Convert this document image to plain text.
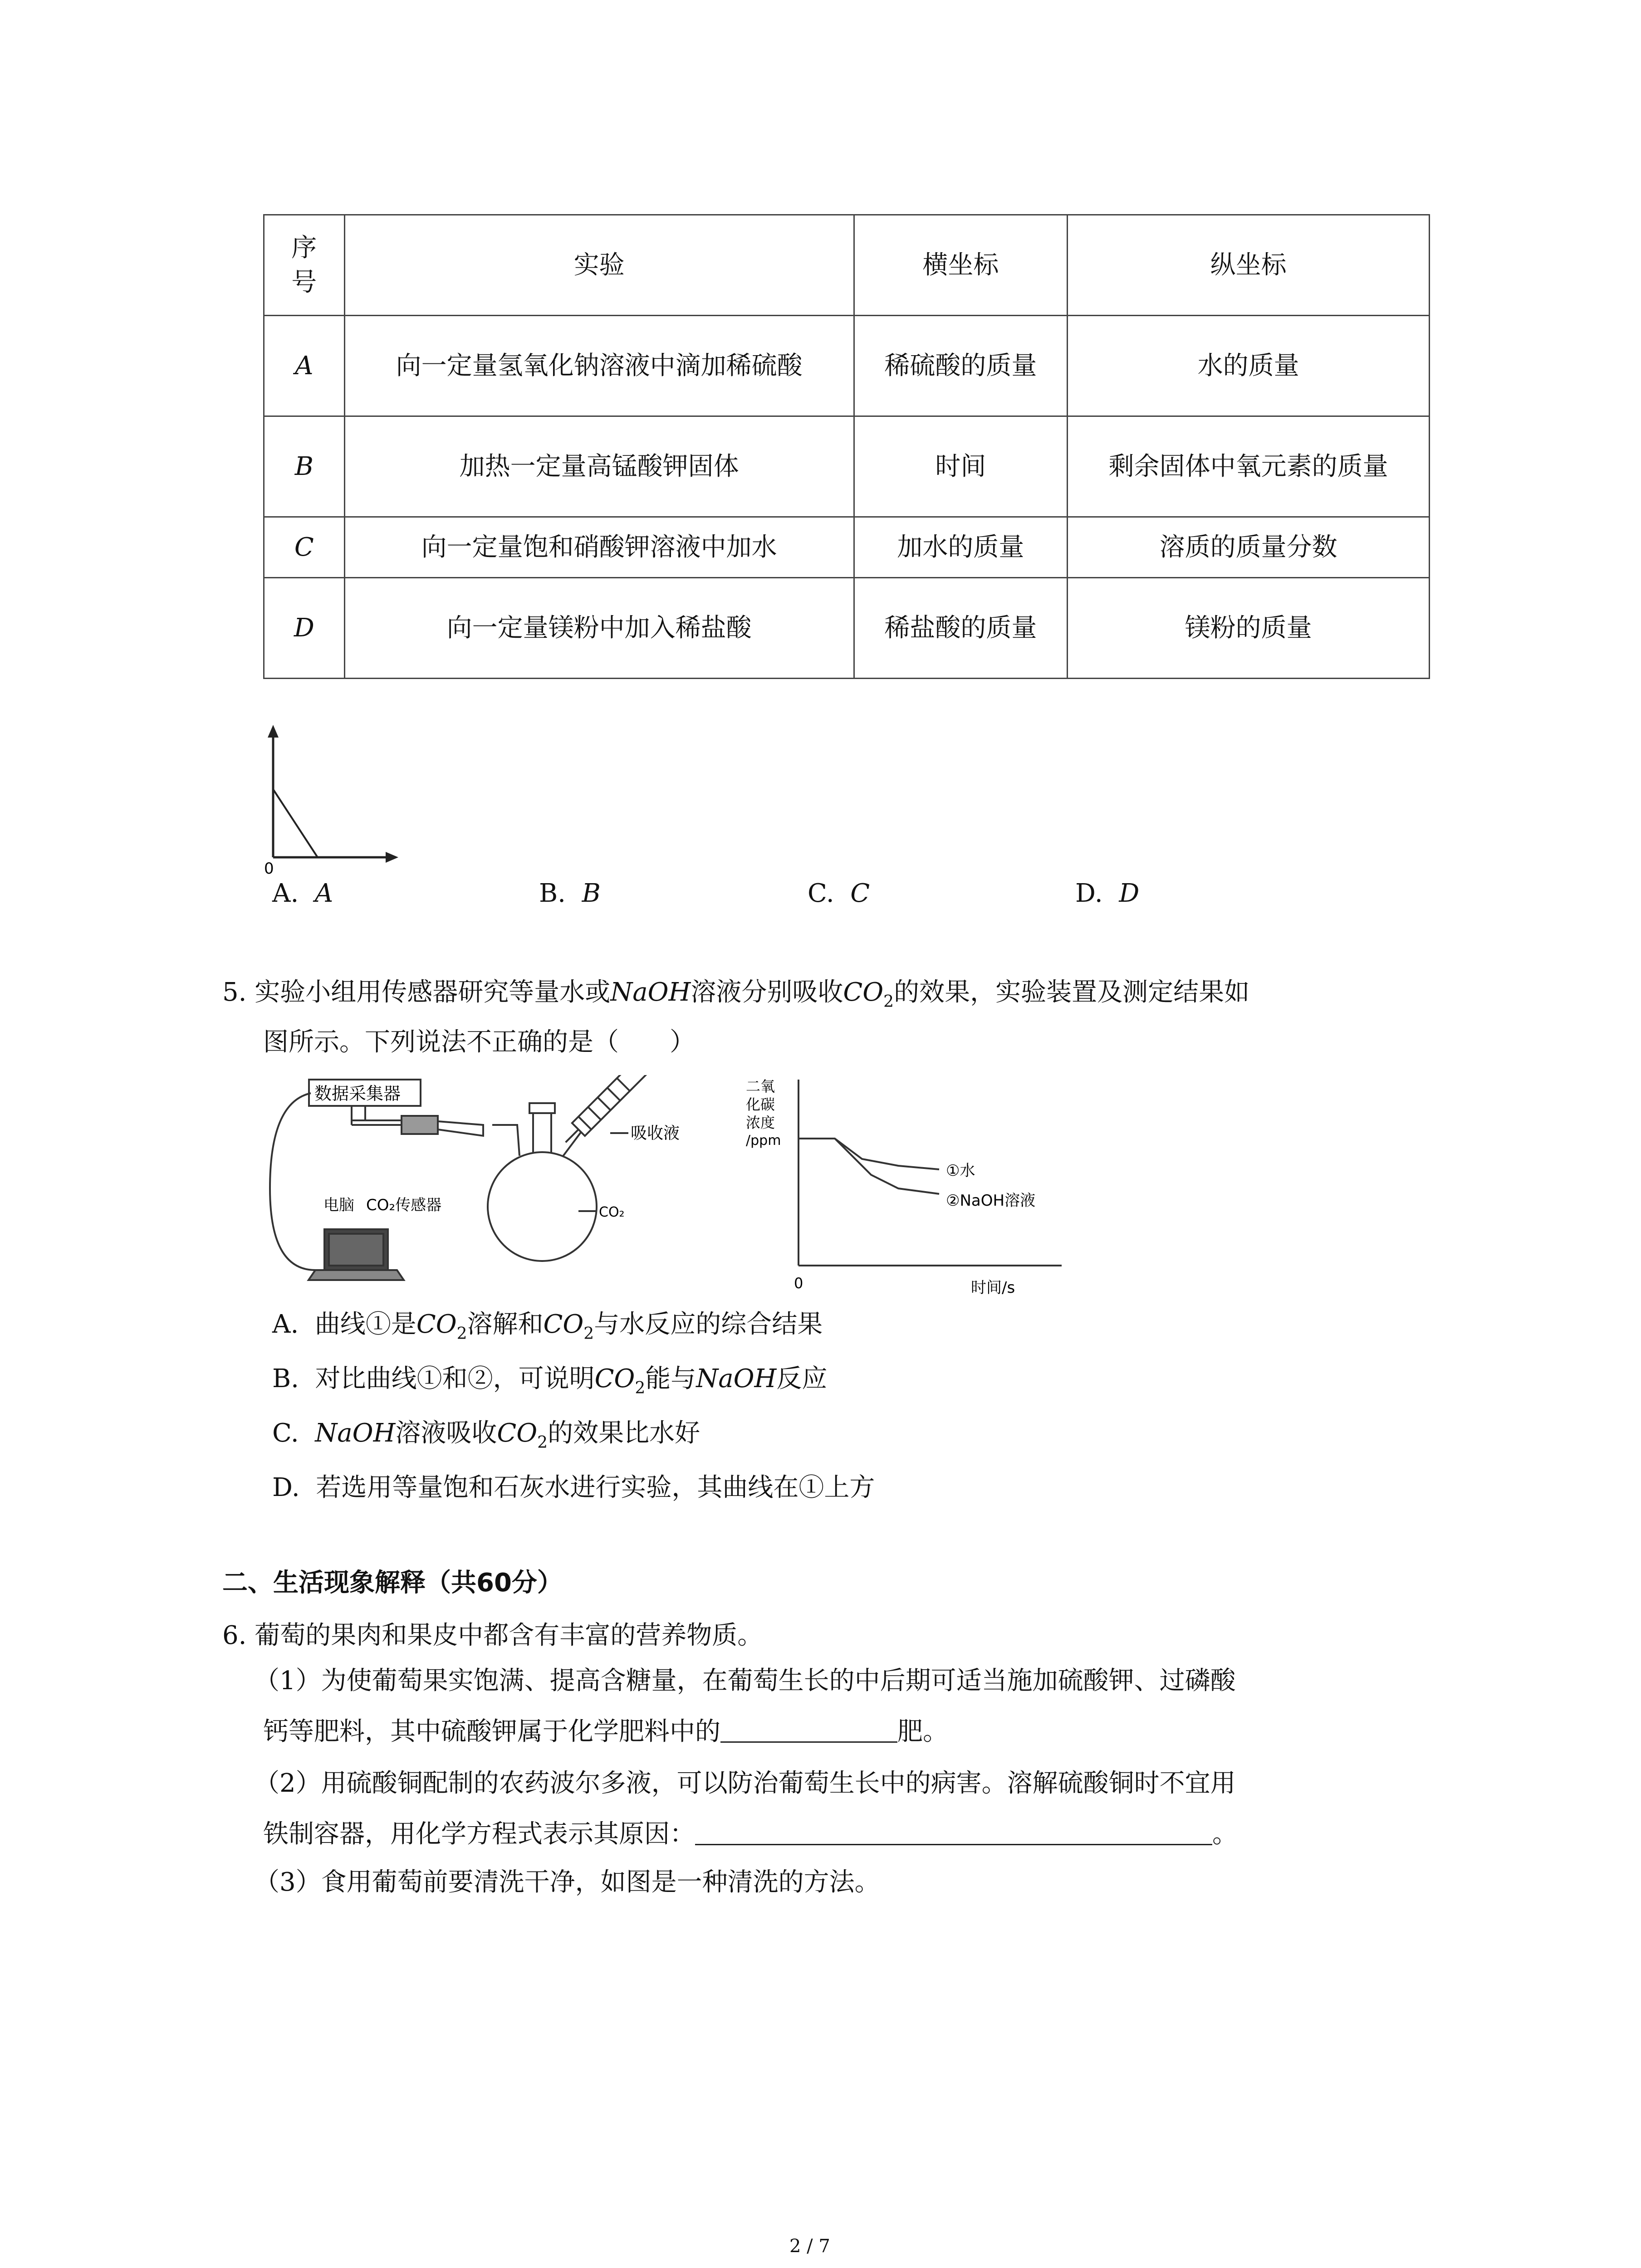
序
号	实验	横坐标	纵坐标
A	向一定量氢氧化钠溶液中滴加稀硫酸	稀硫酸的质量	水的质量
B	加热一定量高锰酸钾固体	时间	剩余固体中氧元素的质量
C	向一定量饱和硝酸钾溶液中加水	加水的质量	溶质的质量分数
D	向一定量镁粉中加入稀盐酸	稀盐酸的质量	镁粉的质量
0
A. A	B. B	C. C	D. D
5. 实验小组用传感器研究等量水或NaOH溶液分别吸收$CO_2$的效果，实验装置及测定结果如
图所示。下列说法不正确的是（　　）
数据采集器
CO₂传感器
电脑
吸收液
CO₂
二氧
化碳
浓度
/ppm
0	时间/s
①水
②NaOH溶液
A. 曲线①是$CO_2$溶解和$CO_2$与水反应的综合结果
B. 对比曲线①和②，可说明$CO_2$能与NaOH反应
C. NaOH溶液吸收$CO_2$的效果比水好
D. 若选用等量饱和石灰水进行实验，其曲线在①上方
二、生活现象解释（共60分）
6. 葡萄的果肉和果皮中都含有丰富的营养物质。
（1）为使葡萄果实饱满、提高含糖量，在葡萄生长的中后期可适当施加硫酸钾、过磷酸
钙等肥料，其中硫酸钾属于化学肥料中的	肥。
（2）用硫酸铜配制的农药波尔多液，可以防治葡萄生长中的病害。溶解硫酸铜时不宜用
铁制容器，用化学方程式表示其原因：	。
（3）食用葡萄前要清洗干净，如图是一种清洗的方法。
2 / 7
